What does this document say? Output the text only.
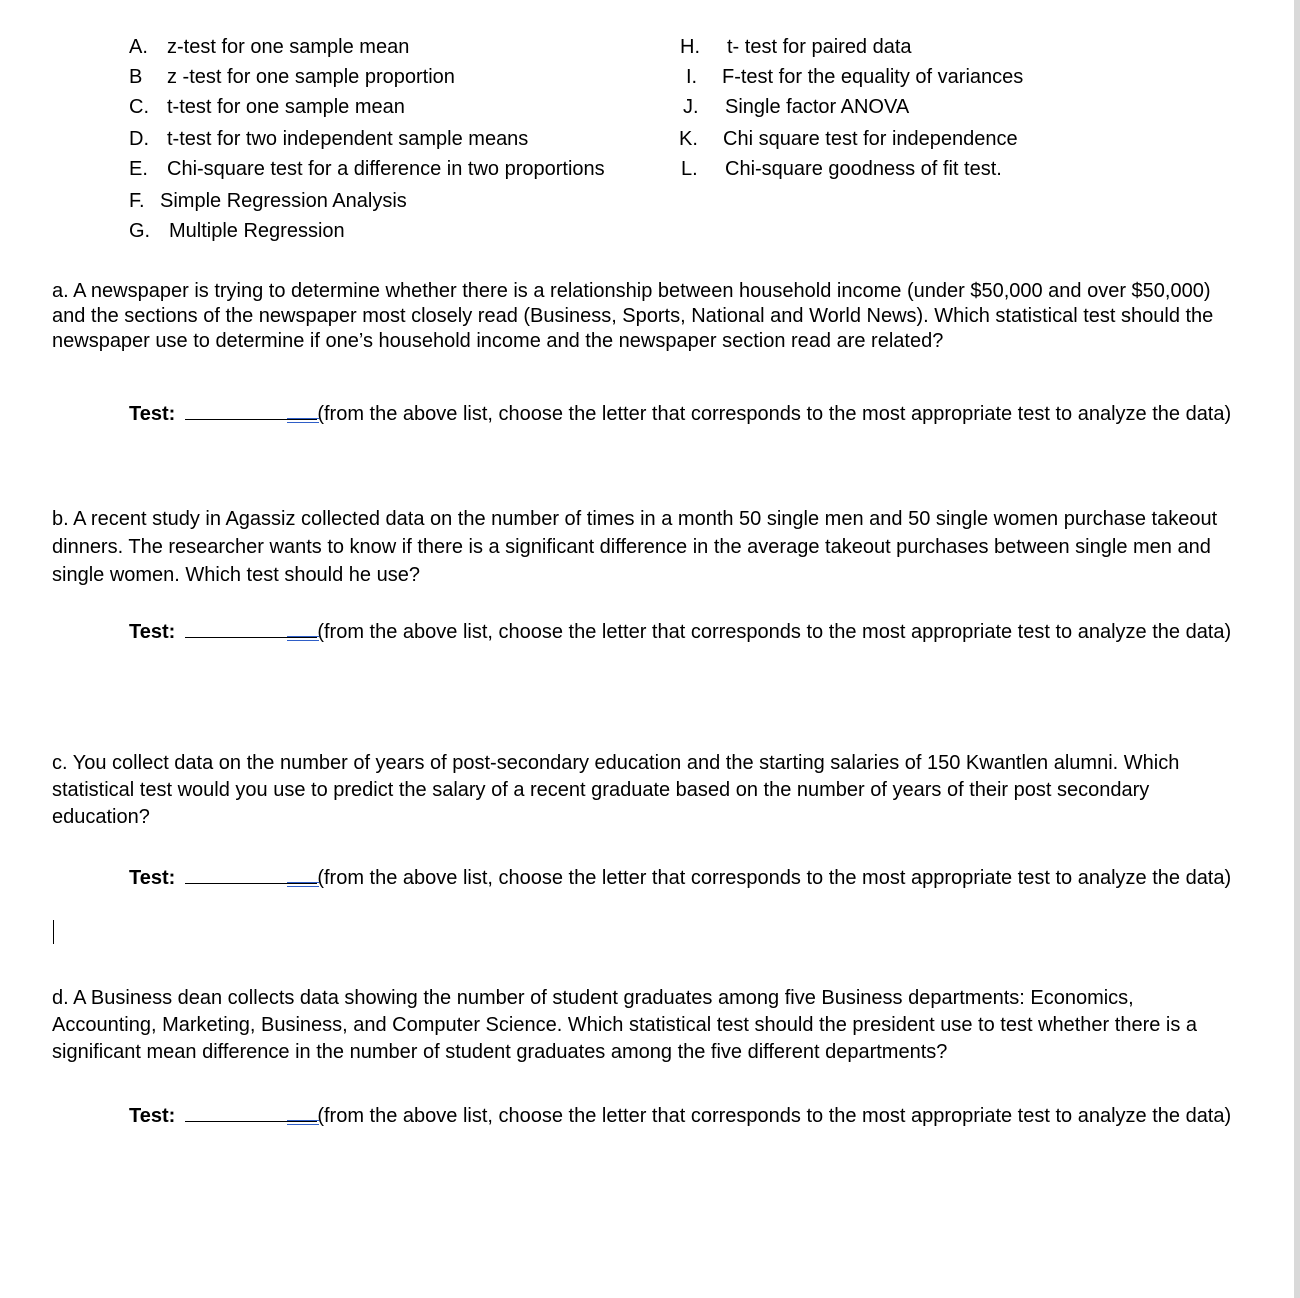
A. z-test for one sample mean
B z -test for one sample proportion
C. t-test for one sample mean
D. t-test for two independent sample means
E. Chi-square test for a difference in two proportions
F. Simple Regression Analysis
G. Multiple Regression
H. t- test for paired data
I. F-test for the equality of variances
J. Single factor ANOVA
K. Chi square test for independence
L. Chi-square goodness of fit test.
a. A newspaper is trying to determine whether there is a relationship between household income (under $50,000 and over $50,000) and the sections of the newspaper most closely read (Business, Sports, National and World News). Which statistical test should the newspaper use to determine if one’s household income and the newspaper section read are related?
Test:	(from the above list, choose the letter that corresponds to the most appropriate test to analyze the data)
b. A recent study in Agassiz collected data on the number of times in a month 50 single men and 50 single women purchase takeout dinners. The researcher wants to know if there is a significant difference in the average takeout purchases between single men and single women. Which test should he use?
Test:	(from the above list, choose the letter that corresponds to the most appropriate test to analyze the data)
c. You collect data on the number of years of post-secondary education and the starting salaries of 150 Kwantlen alumni. Which statistical test would you use to predict the salary of a recent graduate based on the number of years of their post secondary education?
Test:	(from the above list, choose the letter that corresponds to the most appropriate test to analyze the data)
d. A Business dean collects data showing the number of student graduates among five Business departments: Economics, Accounting, Marketing, Business, and Computer Science. Which statistical test should the president use to test whether there is a significant mean difference in the number of student graduates among the five different departments?
Test:	(from the above list, choose the letter that corresponds to the most appropriate test to analyze the data)
